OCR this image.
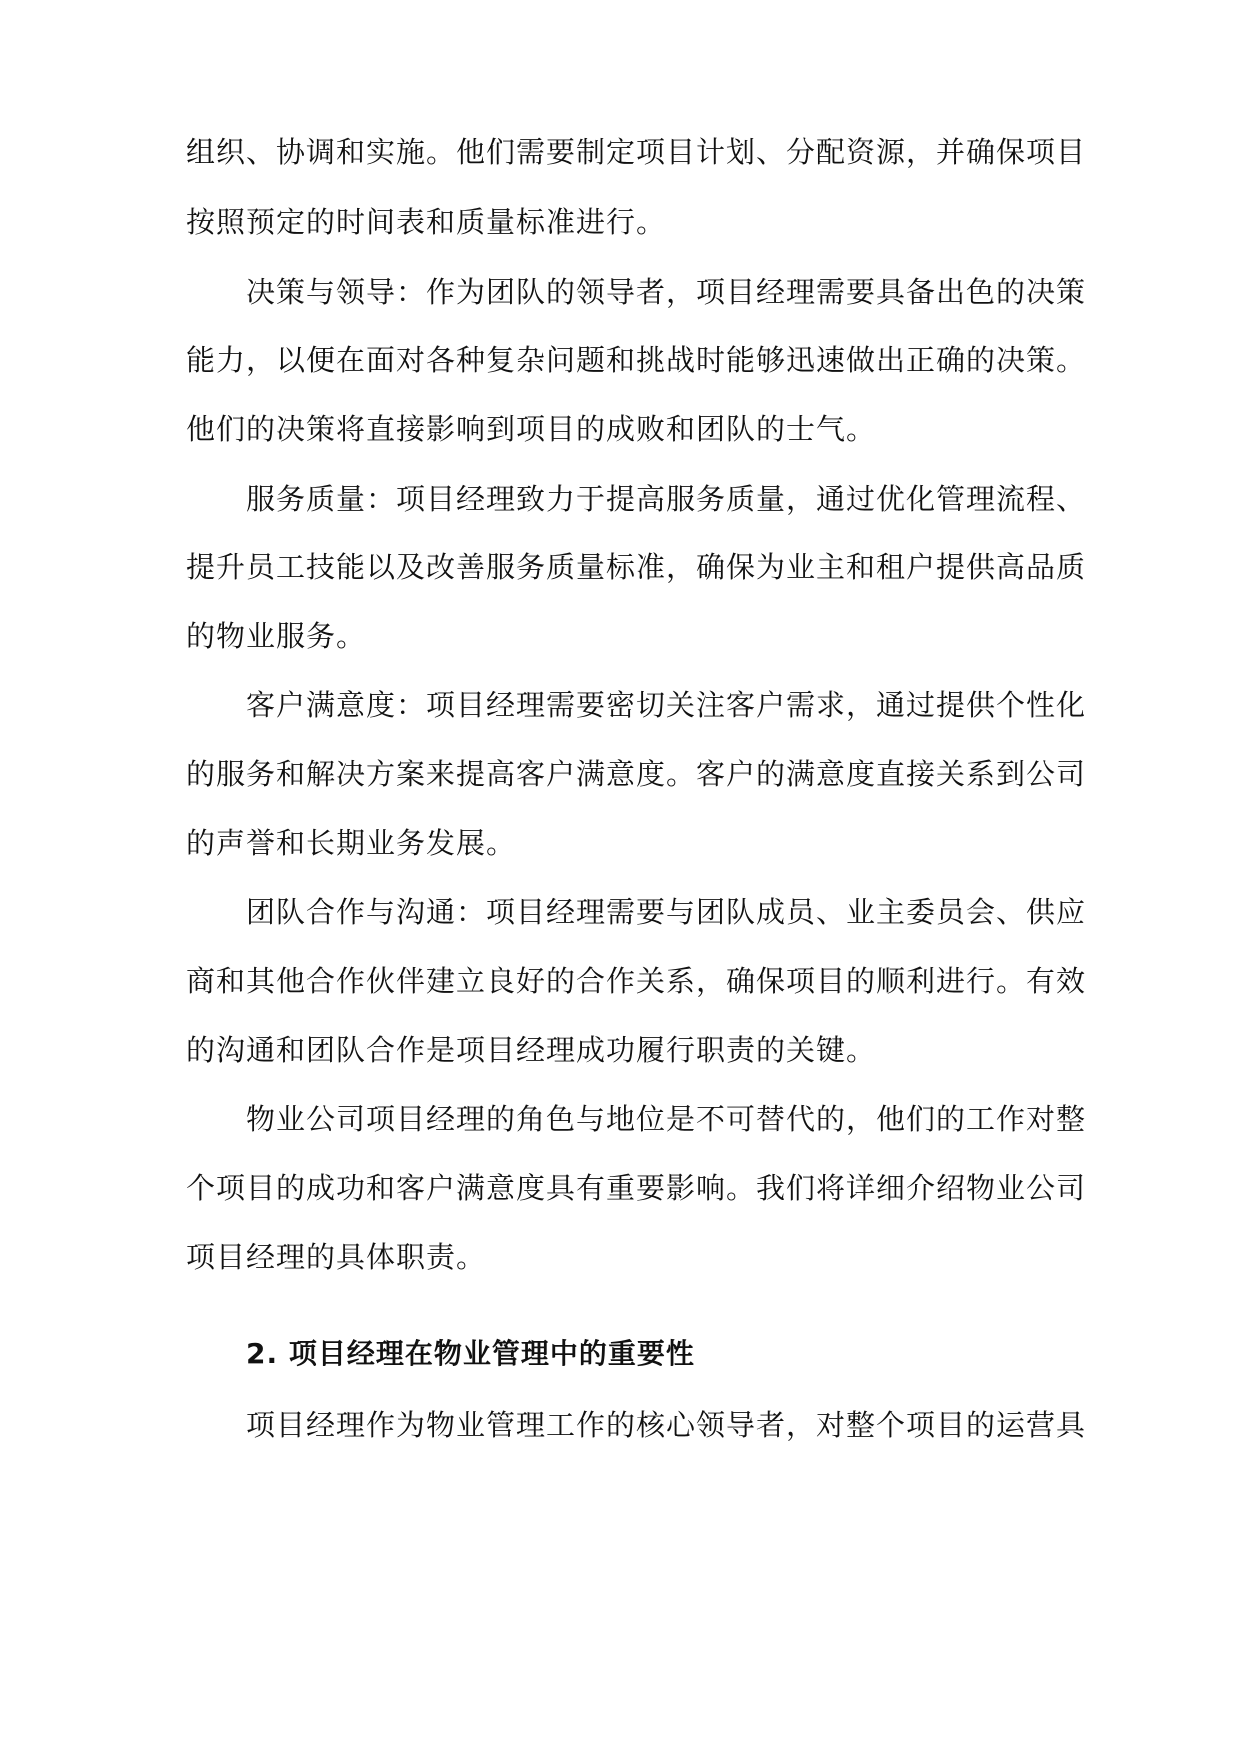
组织、协调和实施。他们需要制定项目计划、分配资源，并确保项目
按照预定的时间表和质量标准进行。
决策与领导：作为团队的领导者，项目经理需要具备出色的决策
能力，以便在面对各种复杂问题和挑战时能够迅速做出正确的决策。
他们的决策将直接影响到项目的成败和团队的士气。
服务质量：项目经理致力于提高服务质量，通过优化管理流程、
提升员工技能以及改善服务质量标准，确保为业主和租户提供高品质
的物业服务。
客户满意度：项目经理需要密切关注客户需求，通过提供个性化
的服务和解决方案来提高客户满意度。客户的满意度直接关系到公司
的声誉和长期业务发展。
团队合作与沟通：项目经理需要与团队成员、业主委员会、供应
商和其他合作伙伴建立良好的合作关系，确保项目的顺利进行。有效
的沟通和团队合作是项目经理成功履行职责的关键。
物业公司项目经理的角色与地位是不可替代的，他们的工作对整
个项目的成功和客户满意度具有重要影响。我们将详细介绍物业公司
项目经理的具体职责。
2. 项目经理在物业管理中的重要性
项目经理作为物业管理工作的核心领导者，对整个项目的运营具
